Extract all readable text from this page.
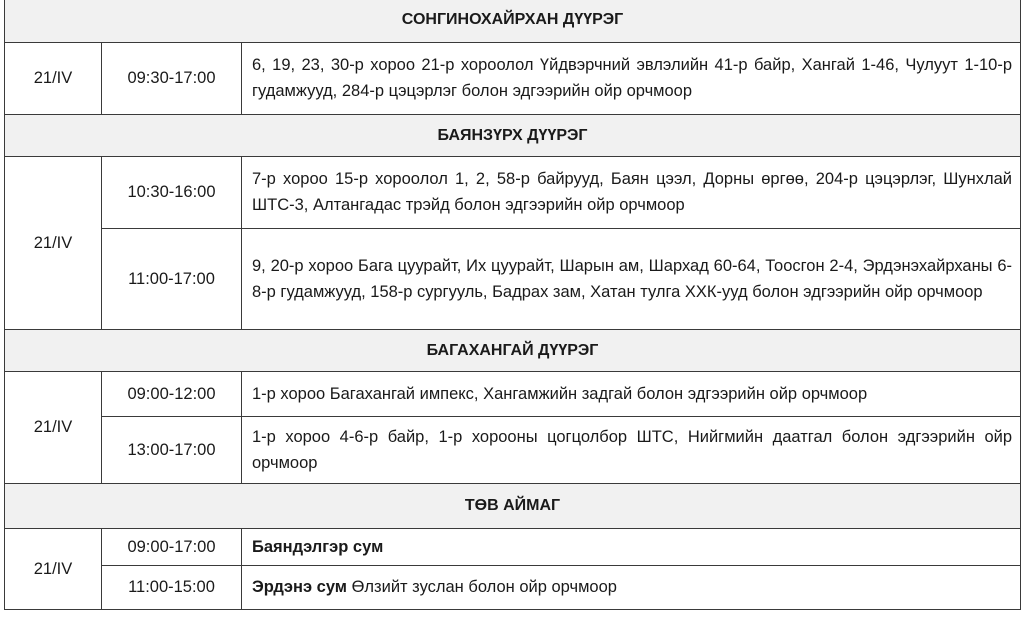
СОНГИНОХАЙРХАН ДҮҮРЭГ		
21/IV	09:30-17:00	6, 19, 23, 30-р хороо 21-р хороолол Үйдвэрчний эвлэлийн 41-р байр, Хангай 1-46, Чулуут 1-10-р гудамжууд, 284-р цэцэрлэг болон эдгээрийн ойр орчмоор
БАЯНЗҮРХ ДҮҮРЭГ		
21/IV	10:30-16:00	7-р хороо 15-р хороолол 1, 2, 58-р байрууд, Баян цээл, Дорны өргөө, 204-р цэцэрлэг, Шунхлай ШТС-3, Алтангадас трэйд болон эдгээрийн ойр орчмоор
	11:00-17:00	9, 20-р хороо Бага цуурайт, Их цуурайт, Шарын ам, Шархад 60-64, Тоосгон 2-4, Эрдэнэхайрханы 6-8-р гудамжууд, 158-р сургууль, Бадрах зам, Хатан тулга ХХК-ууд болон эдгээрийн ойр орчмоор
БАГАХАНГАЙ ДҮҮРЭГ		
21/IV	09:00-12:00	1-р хороо Багахангай импекс, Хангамжийн задгай болон эдгээрийн ойр орчмоор
	13:00-17:00	1-р хороо 4-6-р байр, 1-р хорооны цогцолбор ШТС, Нийгмийн даатгал болон эдгээрийн ойр орчмоор
ТӨВ АЙМАГ		
21/IV	09:00-17:00	Баяндэлгэр сум
	11:00-15:00	Эрдэнэ сум Өлзийт зуслан болон ойр орчмоор
